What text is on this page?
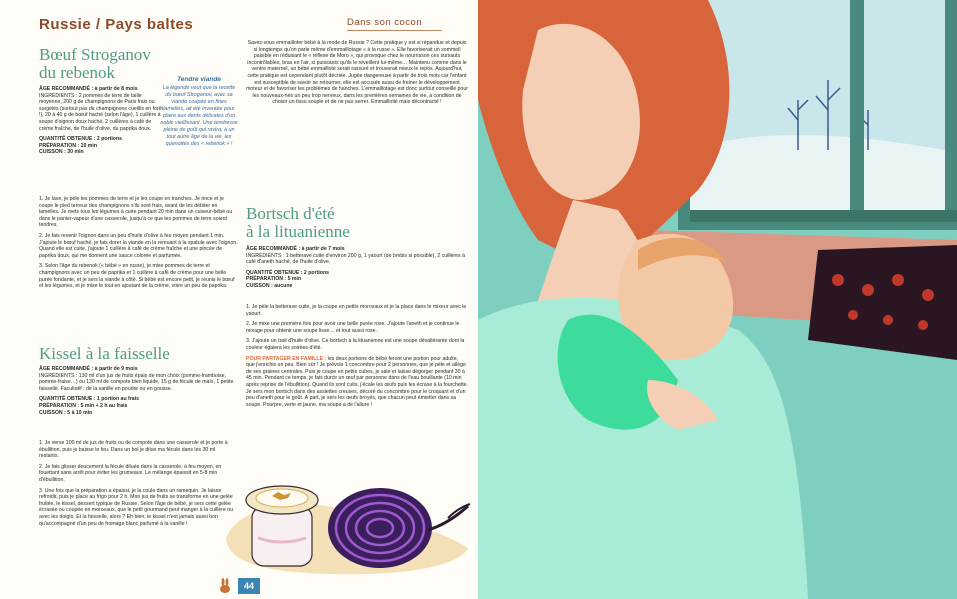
Russie / Pays baltes	Dans son cocon
Bœuf Stroganov
du rebenok

ÂGE RECOMMANDÉ : à partir de 8 mois
INGRÉDIENTS : 2 pommes de terre de taille moyenne, 200 g de champignons de Paris frais ou surgelés (surtout pas de champignons cueillis en forêt !), 20 à 40 g de bœuf haché (selon l'âge), 1 cuillère à soupe d'oignon doux haché, 2 cuillères à café de crème fraîche, de l'huile d'olive, du paprika doux.

QUANTITÉ OBTENUE : 2 portions
PRÉPARATION : 10 min
CUISSON : 30 min

Tendre viande
La légende veut que la recette du bœuf Stroganov, avec sa viande coupée en fines lamelles, ait été inventée pour plaire aux dents délicates d'un noble vieillissant. Une tendresse pleine de goût qui ravira, à un tout autre âge de la vie, les quenottes des « rebenok » !

1. Je lave, je pèle les pommes de terre et je les coupe en tranches. Je rince et je coupe le pied terreux des champignons s'ils sont frais, avant de les débiter en lamelles. Je mets tous les légumes à cuire pendant 20 min dans un cuiseur-bébé ou dans le panier-vapeur d'une casserole, jusqu'à ce que les pommes de terre soient tendres.

2. Je fais revenir l'oignon dans un peu d'huile d'olive à feu moyen pendant 1 min. J'ajoute le bœuf haché, je fais dorer la viande en la remuant à la spatule avec l'oignon. Quand elle est cuite, j'ajoute 1 cuillère à café de crème fraîche et une pincée de paprika doux, qui me donnent une sauce colorée et parfumée.

3. Selon l'âge du rebenok (« bébé » en russe), je mixe pommes de terre et champignons avec un peu de paprika et 1 cuillère à café de crème pour une belle purée fondante, et je sers la viande à côté. Si bébé est encore petit, je réunis le bœuf et les légumes, et je mixe le tout en ajoutant de la crème, voire un peu de paprika.

Kissel à la faisselle

ÂGE RECOMMANDÉ : à partir de 9 mois
INGRÉDIENTS : 130 ml d'un jus de fruits épais de mon choix (pomme-framboise, pomme-fraise…) ou 130 ml de compote bien liquide, 15 g de fécule de maïs, 1 petite faisselle. Facultatif : de la vanille en poudre ou en gousse.

QUANTITÉ OBTENUE : 1 portion au frais
PRÉPARATION : 5 min + 2 h au frais
CUISSON : 5 à 10 min

1. Je verse 100 ml de jus de fruits ou de compote dans une casserole et je porte à ébullition, puis je baisse le feu. Dans un bol je dilue ma fécule dans les 30 ml restants.

2. Je fais glisser doucement la fécule diluée dans la casserole, à feu moyen, en fouettant sans arrêt pour éviter les grumeaux. Le mélange épaissit en 5-8 min d'ébullition.

3. Une fois que la préparation a épaissi, je la coule dans un ramequin. Je laisse refroidir, puis je place au frigo pour 2 h. Mon jus de fruits se transforme en une gelée fruitée, le kissel, dessert typique de Russie. Selon l'âge de bébé, je sers cette gelée écrasée ou coupée en morceaux, que le petit gourmand peut manger à la cuillère ou avec les doigts. Et la faisselle, alors ? Eh bien, le kissel n'est jamais aussi bon qu'accompagné d'un peu de fromage blanc parfumé à la vanille !

Savez-vous emmailloter bébé à la mode de Russie ? Cette pratique y est si répandue et depuis si longtemps qu'on parle même d'emmaillotage « à la russe ». Elle favoriserait un sommeil paisible en réduisant le « réflexe de Moro », qui provoque chez le nourrisson ces sursauts incontrôlables, bras en l'air, si puissants qu'ils le réveillent lui-même… Maintenu comme dans le ventre maternel, un bébé emmailloté serait rassuré et trouverait mieux le repos. Aujourd'hui, cette pratique est cependant plutôt décriée. Jugée dangereuse à partir de trois mois car l'enfant est susceptible de savoir se retourner, elle est accusée aussi de freiner le développement moteur et de favoriser les problèmes de hanches. L'emmaillotage est donc surtout conseillé pour les nouveaux-nés un peu trop nerveux, dans les premières semaines de vie, à condition de choisir un tissu souple et de ne pas serrer. Emmaillotié mais décontracté !

Bortsch d'été
à la lituanienne

ÂGE RECOMMANDÉ : à partir de 7 mois
INGRÉDIENTS : 1 betterave cuite d'environ 200 g, 1 yaourt (de brebis si possible), 2 cuillères à café d'aneth haché, de l'huile d'olive.

QUANTITÉ OBTENUE : 2 portions
PRÉPARATION : 5 min
CUISSON : aucune

1. Je pèle la betterave cuite, je la coupe en petits morceaux et je la place dans le mixeur avec le yaourt.

2. Je mixe une première fois pour avoir une belle purée rose. J'ajoute l'aneth et je continue le mixage pour obtenir une soupe lisse… et tout aussi rose.

3. J'ajoute un trait d'huile d'olive. Ce bortsch à la lituanienne est une soupe désaltérante dont la couleur égaiera les soirées d'été.

POUR PARTAGER EN FAMILLE : les deux portions de bébé feront une portion pour adulte, que j'enrichis un peu. Bien sûr ! Je prévois 1 concombre pour 2 personnes, que je pèle et allège de ses graines centrales. Puis je coupe en petits cubes, je sale et laisse dégorger pendant 30 à 45 min. Pendant ce temps, je fais durcir un œuf par personne dans de l'eau bouillante (10 min après reprise de l'ébullition). Quand ils sont cuits, j'écale les œufs puis les écrase à la fourchette. Je sers mon bortsch dans des assiettes creuses, décoré du concombre pour le croquant et d'un peu d'aneth pour le goût. À part, je sers les œufs broyés, que chacun peut émietter dans sa soupe. Pourpre, verte et jaune, ma soupe a de l'allure !

44
